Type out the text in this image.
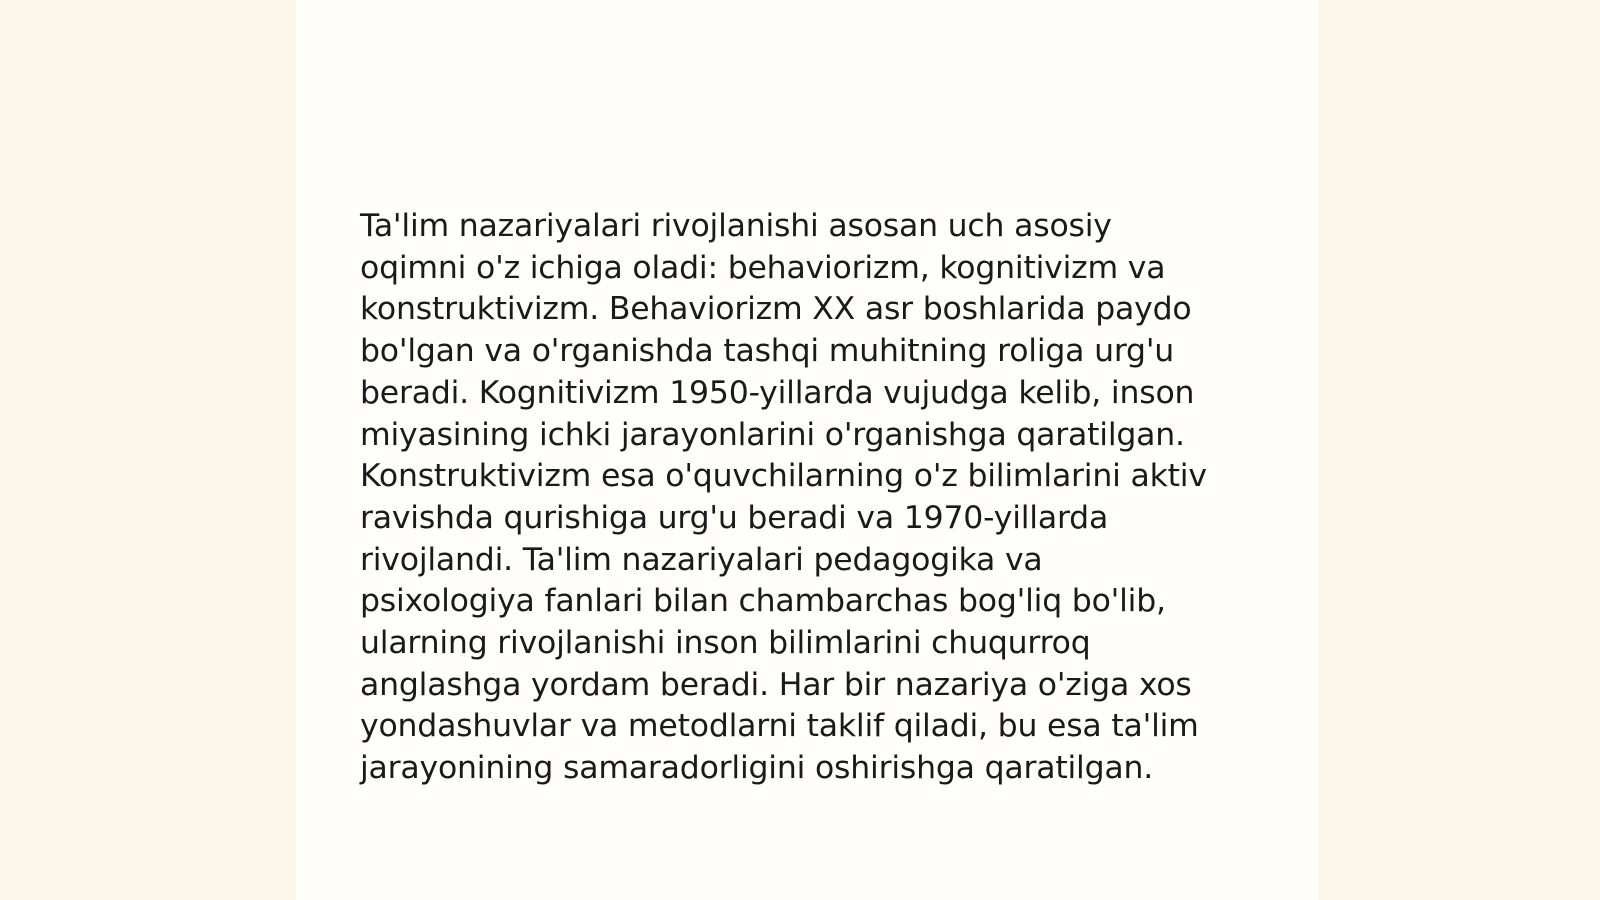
Ta'lim nazariyalari rivojlanishi asosan uch asosiy
oqimni o'z ichiga oladi: behaviorizm, kognitivizm va
konstruktivizm. Behaviorizm XX asr boshlarida paydo
bo'lgan va o'rganishda tashqi muhitning roliga urg'u
beradi. Kognitivizm 1950-yillarda vujudga kelib, inson
miyasining ichki jarayonlarini o'rganishga qaratilgan.
Konstruktivizm esa o'quvchilarning o'z bilimlarini aktiv
ravishda qurishiga urg'u beradi va 1970-yillarda
rivojlandi. Ta'lim nazariyalari pedagogika va
psixologiya fanlari bilan chambarchas bog'liq bo'lib,
ularning rivojlanishi inson bilimlarini chuqurroq
anglashga yordam beradi. Har bir nazariya o'ziga xos
yondashuvlar va metodlarni taklif qiladi, bu esa ta'lim
jarayonining samaradorligini oshirishga qaratilgan.
